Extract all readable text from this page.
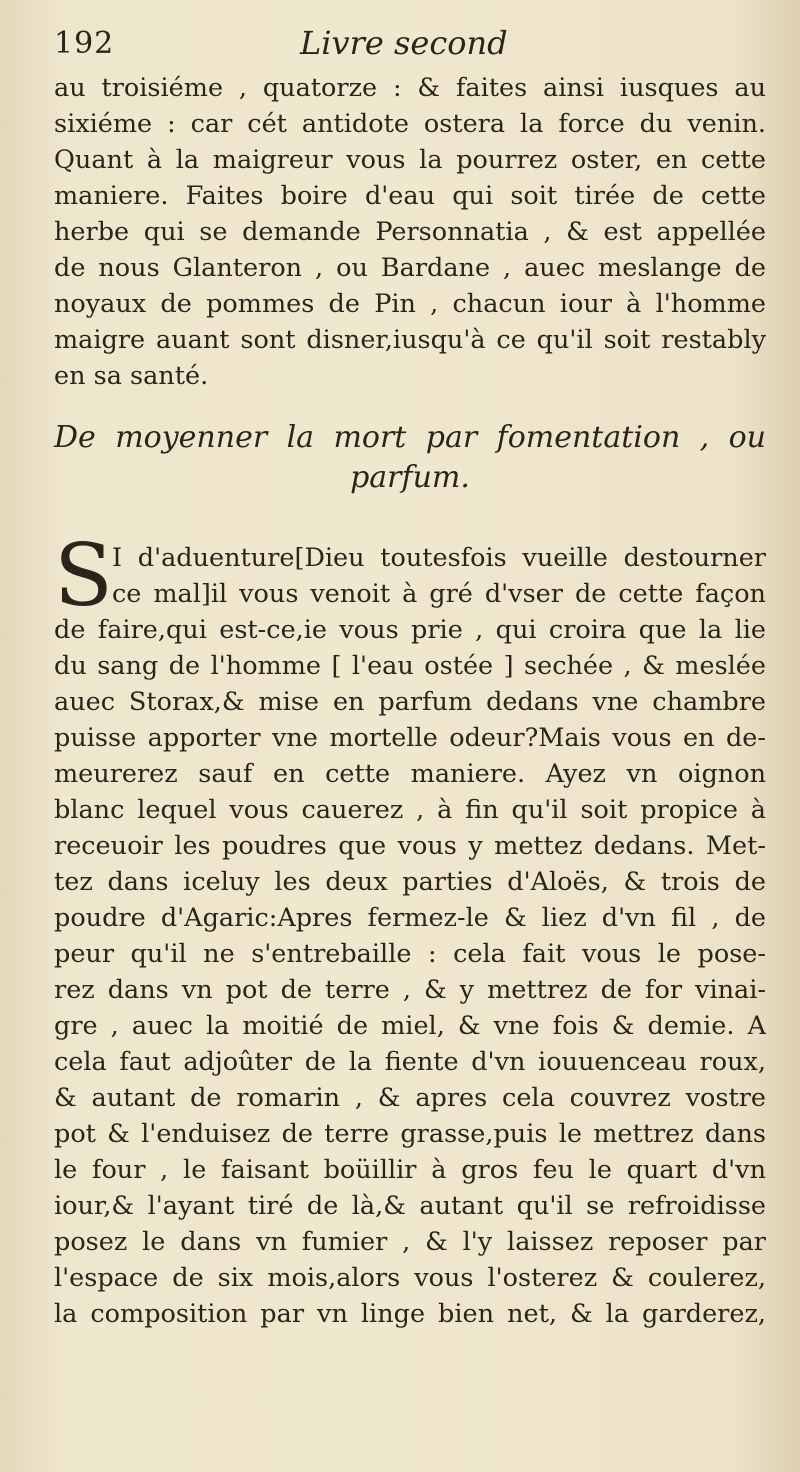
192	Livre second
au troisiéme , quatorze : & faites ainsi iusques au
sixiéme : car cét antidote ostera la force du venin.
Quant à la maigreur vous la pourrez oster, en cette
maniere. Faites boire d'eau qui soit tirée de cette
herbe qui se demande Personnatia , & est appellée
de nous Glanteron , ou Bardane , auec meslange de
noyaux de pommes de Pin , chacun iour à l'homme
maigre auant sont disner,iusqu'à ce qu'il soit restably
en sa santé.
De moyenner la mort par fomentation , ou
parfum.
S I d'aduenture[Dieu toutesfois vueille destourner
ce mal]il vous venoit à gré d'vser de cette façon
de faire,qui est-ce,ie vous prie , qui croira que la lie
du sang de l'homme [ l'eau ostée ] sechée , & meslée
auec Storax,& mise en parfum dedans vne chambre
puisse apporter vne mortelle odeur?Mais vous en de-
meurerez sauf en cette maniere. Ayez vn oignon
blanc lequel vous cauerez , à fin qu'il soit propice à
receuoir les poudres que vous y mettez dedans. Met-
tez dans iceluy les deux parties d'Aloës, & trois de
poudre d'Agaric:Apres fermez-le & liez d'vn fil , de
peur qu'il ne s'entrebaille : cela fait vous le pose-
rez dans vn pot de terre , & y mettrez de for vinai-
gre , auec la moitié de miel, & vne fois & demie. A
cela faut adjoûter de la fiente d'vn iouuenceau roux,
& autant de romarin , & apres cela couvrez vostre
pot & l'enduisez de terre grasse,puis le mettrez dans
le four , le faisant boüillir à gros feu le quart d'vn
iour,& l'ayant tiré de là,& autant qu'il se refroidisse
posez le dans vn fumier , & l'y laissez reposer par
l'espace de six mois,alors vous l'osterez & coulerez,
la composition par vn linge bien net, & la garderez,
